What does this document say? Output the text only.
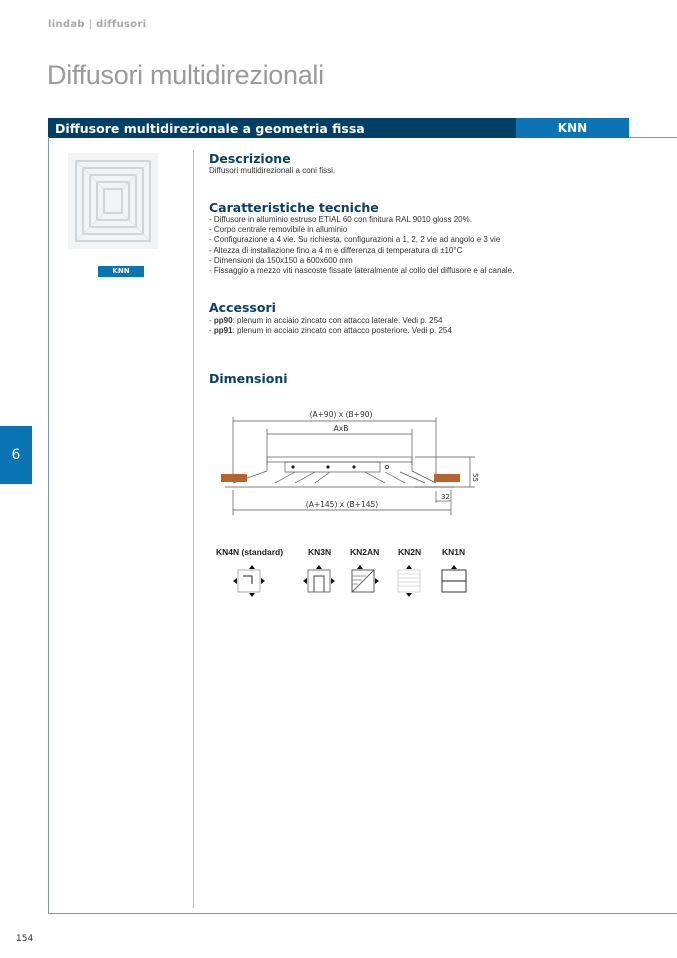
lindab | diffusori
Diffusori multidirezionali
Diffusore multidirezionale a geometria fissa	KNN
KNN
Descrizione
Diffusori multidirezionali a coni fissi.
Caratteristiche tecniche
- Diffusore in alluminio estruso ETIAL 60 con finitura RAL 9010 gloss 20%.
- Corpo centrale removibile in alluminio
- Configurazione a 4 vie. Su richiesta, configurazioni a 1, 2, 2 vie ad angolo e 3 vie
- Altezza di installazione fino a 4 m e differenza di temperatura di ±10°C
- Dimensioni da 150x150 a 600x600 mm
- Fissaggio a mezzo viti nascoste fissate lateralmente al collo del diffusore e al canale.
Accessori
- pp90: plenum in acciaio zincato con attacco laterale. Vedi p. 254
- pp91: plenum in acciaio zincato con attacco posteriore. Vedi p. 254
Dimensioni
(A+90) x (B+90)
AxB
(A+145) x (B+145)
32
55
KN4N (standard)	KN3N KN2AN KN2N KN1N
6
154
